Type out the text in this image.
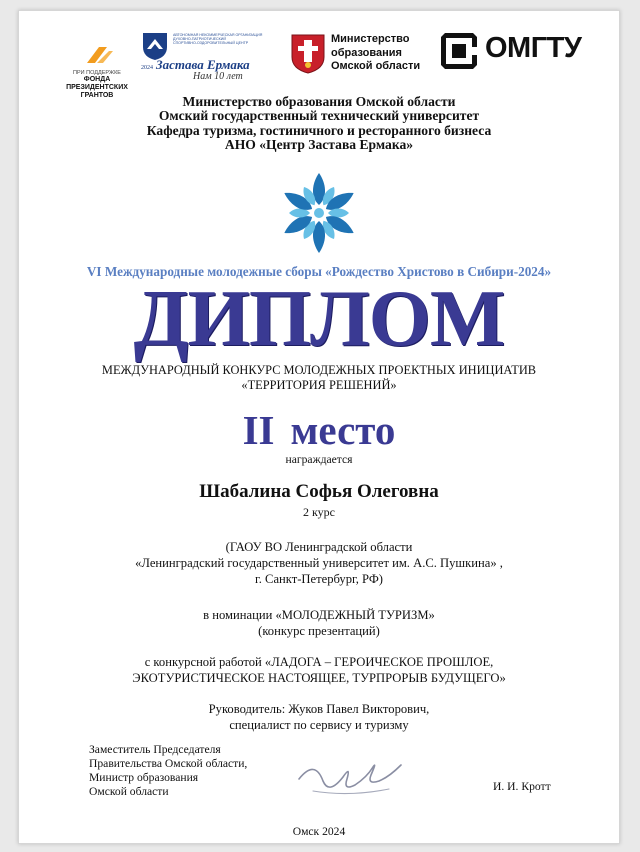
ПРИ ПОДДЕРЖКЕ
ФОНДА
ПРЕЗИДЕНТСКИХ
ГРАНТОВ
АВТОНОМНАЯ НЕКОММЕРЧЕСКАЯ ОРГАНИЗАЦИЯ
ДУХОВНО-ПАТРИОТИЧЕСКИЙ
СПОРТИВНО-ОЗДОРОВИТЕЛЬНЫЙ ЦЕНТР
2024 Застава Ермака
Нам 10 лет
Министерство
образования
Омской области
ОМГТУ
Министерство образования Омской области
Омский государственный технический университет
Кафедра туризма, гостиничного и ресторанного бизнеса
АНО «Центр Застава Ермака»
VI Международные молодежные сборы «Рождество Христово в Сибири-2024»
ДИПЛОМ
МЕЖДУНАРОДНЫЙ КОНКУРС МОЛОДЕЖНЫХ ПРОЕКТНЫХ ИНИЦИАТИВ
«ТЕРРИТОРИЯ РЕШЕНИЙ»
II место
награждается
Шабалина Софья Олеговна
2 курс
(ГАОУ ВО Ленинградской области
«Ленинградский государственный университет им. А.С. Пушкина» ,
г. Санкт-Петербург, РФ)
в номинации «МОЛОДЕЖНЫЙ ТУРИЗМ»
(конкурс презентаций)
с конкурсной работой «ЛАДОГА – ГЕРОИЧЕСКОЕ ПРОШЛОЕ,
ЭКОТУРИСТИЧЕСКОЕ НАСТОЯЩЕЕ, ТУРПРОРЫВ БУДУЩЕГО»
Руководитель: Жуков Павел Викторович,
специалист по сервису и туризму
Заместитель Председателя
Правительства Омской области,
Министр образования
Омской области	И. И. Кротт
Омск 2024
